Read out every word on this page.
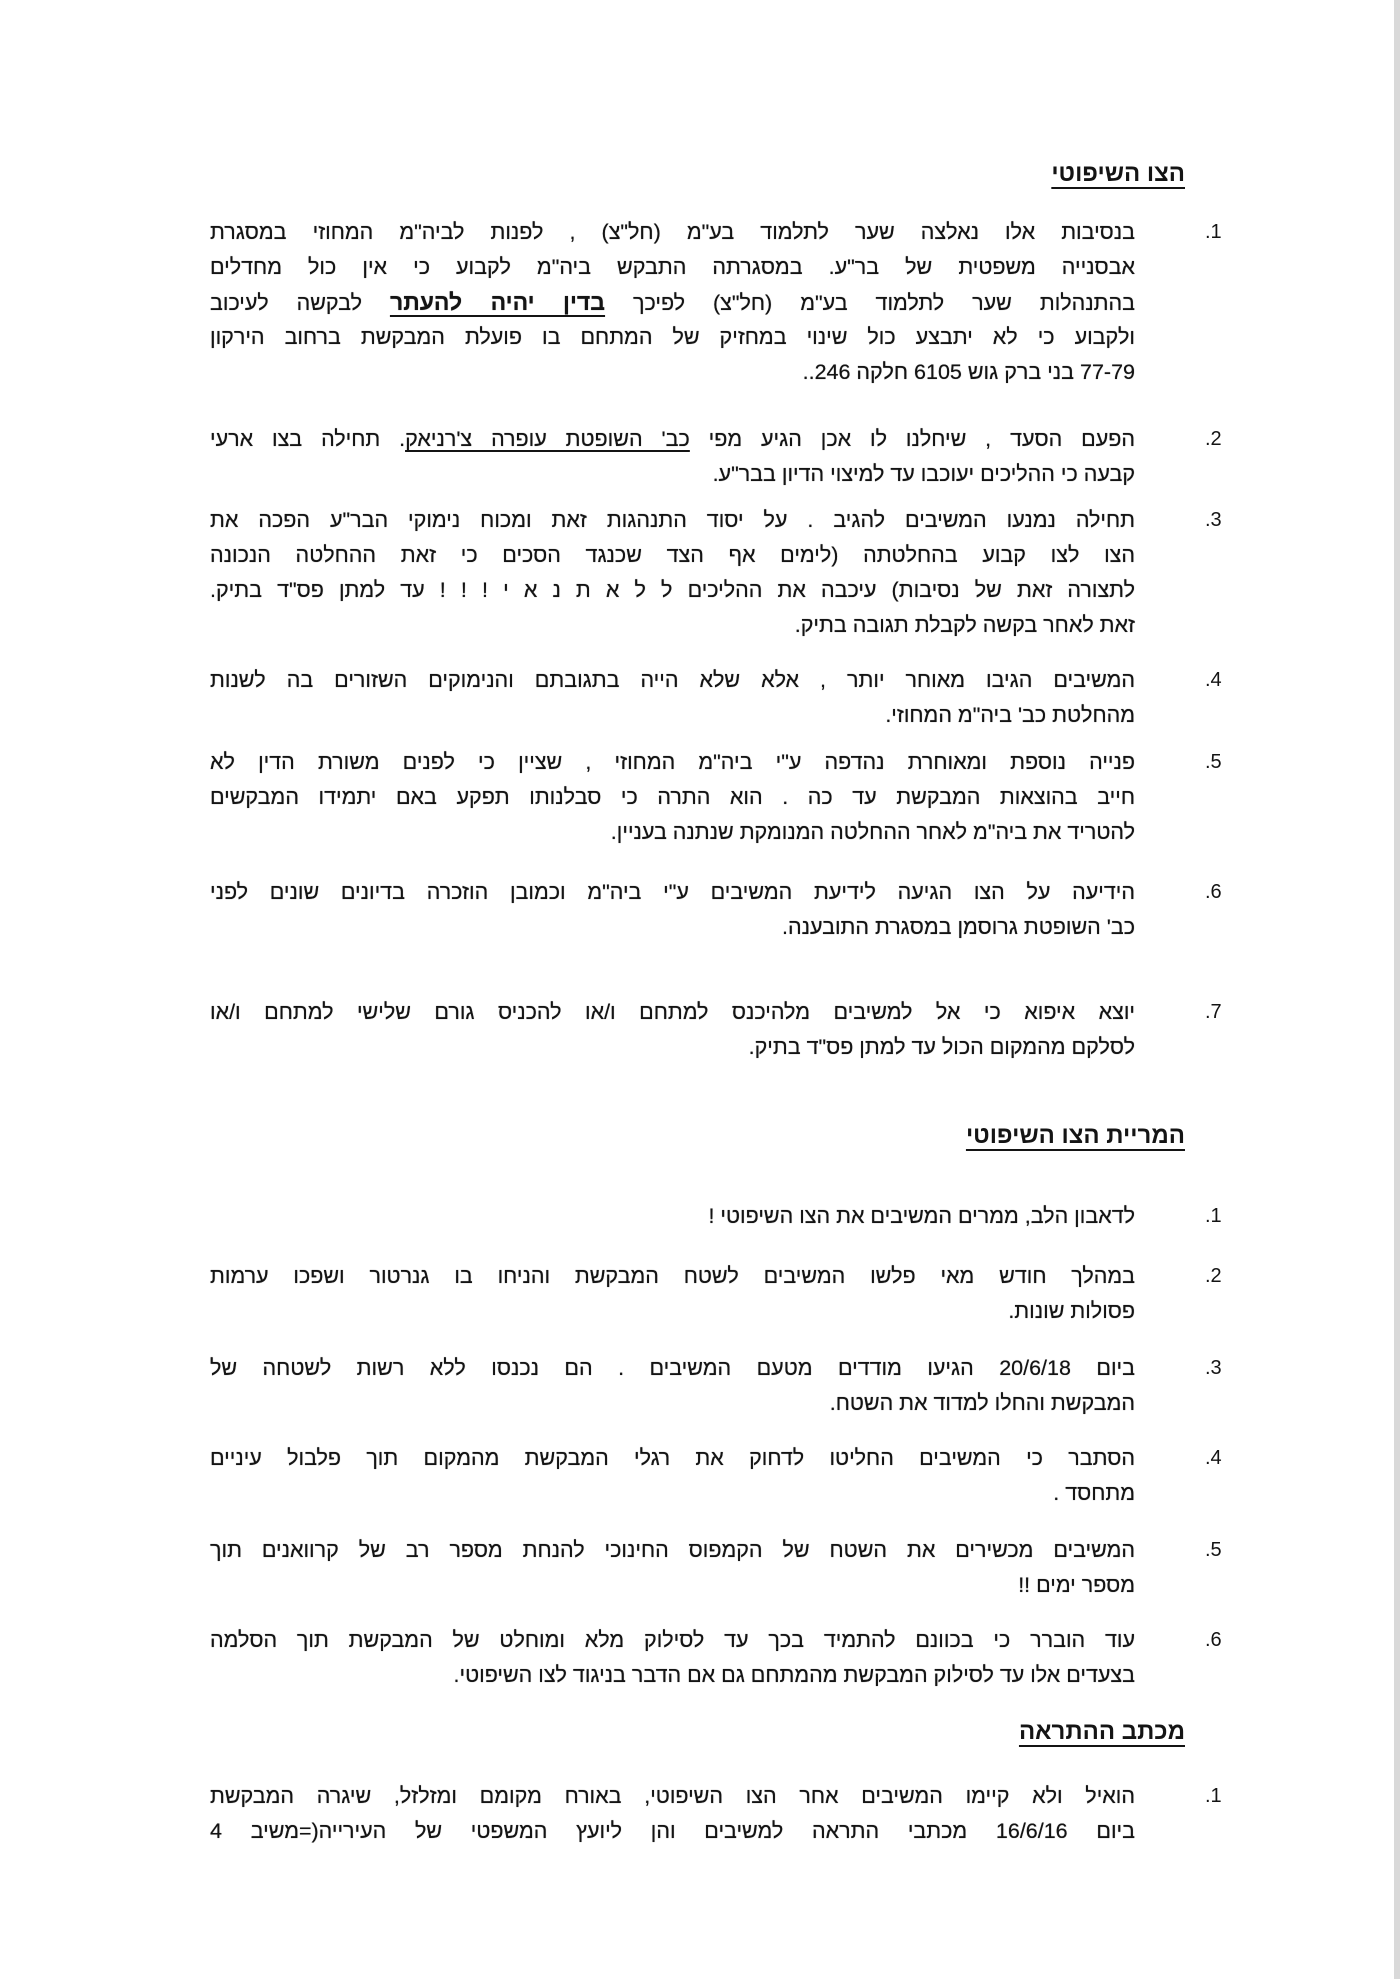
הצו השיפוטי
.1
בנסיבות אלו נאלצה שער לתלמוד בע"מ (חל"צ) , לפנות לביה"מ המחוזי במסגרת
אבסנייה משפטית של בר"ע. במסגרתה התבקש ביה"מ לקבוע כי אין כול מחדלים
בהתנהלות שער לתלמוד בע"מ (חל"צ) לפיכך בדין יהיה להעתר לבקשה לעיכוב
ולקבוע כי לא יתבצע כול שינוי במחזיק של המתחם בו פועלת המבקשת ברחוב הירקון
77-79 בני ברק גוש 6105 חלקה 246..
.2
הפעם הסעד , שיחלנו לו אכן הגיע מפי כב' השופטת עופרה צ'רניאק. תחילה בצו ארעי
קבעה כי ההליכים יעוכבו עד למיצוי הדיון בבר"ע.
.3
תחילה נמנעו המשיבים להגיב . על יסוד התנהגות זאת ומכוח נימוקי הבר"ע הפכה את
הצו לצו קבוע בהחלטתה (לימים אף הצד שכנגד הסכים כי זאת ההחלטה הנכונה
לתצורה זאת של נסיבות) עיכבה את ההליכים ל ל א ת נ א י ! ! ! עד למתן פס"ד בתיק.
זאת לאחר בקשה לקבלת תגובה בתיק.
.4
המשיבים הגיבו מאוחר יותר , אלא שלא הייה בתגובתם והנימוקים השזורים בה לשנות
מהחלטת כב' ביה"מ המחוזי.
.5
פנייה נוספת ומאוחרת נהדפה ע"י ביה"מ המחוזי , שציין כי לפנים משורת הדין לא
חייב בהוצאות המבקשת עד כה . הוא התרה כי סבלנותו תפקע באם יתמידו המבקשים
להטריד את ביה"מ לאחר ההחלטה המנומקת שנתנה בעניין.
.6
הידיעה על הצו הגיעה לידיעת המשיבים ע"י ביה"מ וכמובן הוזכרה בדיונים שונים לפני
כב' השופטת גרוסמן במסגרת התובענה.
.7
יוצא איפוא כי אל למשיבים מלהיכנס למתחם ו/או להכניס גורם שלישי למתחם ו/או
לסלקם מהמקום הכול עד למתן פס"ד בתיק.
המריית הצו השיפוטי
.1
לדאבון הלב, ממרים המשיבים את הצו השיפוטי !
.2
במהלך חודש מאי פלשו המשיבים לשטח המבקשת והניחו בו גנרטור ושפכו ערמות
פסולות שונות.
.3
ביום 20/6/18 הגיעו מודדים מטעם המשיבים . הם נכנסו ללא רשות לשטחה של
המבקשת והחלו למדוד את השטח.
.4
הסתבר כי המשיבים החליטו לדחוק את רגלי המבקשת מהמקום תוך פלבול עיניים
מתחסד .
.5
המשיבים מכשירים את השטח של הקמפוס החינוכי להנחת מספר רב של קרוואנים תוך
מספר ימים !!
.6
עוד הוברר כי בכוונם להתמיד בכך עד לסילוק מלא ומוחלט של המבקשת תוך הסלמה
בצעדים אלו עד לסילוק המבקשת מהמתחם גם אם הדבר בניגוד לצו השיפוטי.
מכתב ההתראה
.1
הואיל ולא קיימו המשיבים אחר הצו השיפוטי, באורח מקומם ומזלזל, שיגרה המבקשת
ביום 16/6/16 מכתבי התראה למשיבים והן ליועץ המשפטי של העירייה(=משיב 4
